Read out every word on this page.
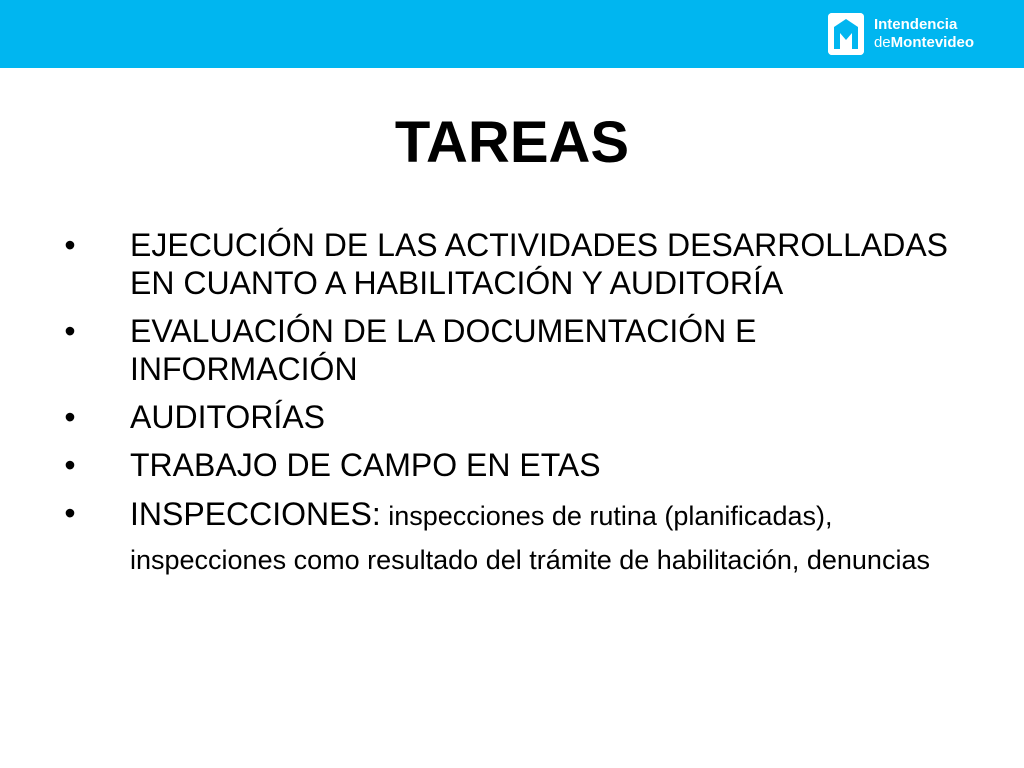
Intendencia
deMontevideo
TAREAS
• EJECUCIÓN DE LAS ACTIVIDADES DESARROLLADAS EN CUANTO A HABILITACIÓN Y AUDITORÍA
• EVALUACIÓN DE LA DOCUMENTACIÓN E INFORMACIÓN
• AUDITORÍAS
• TRABAJO DE CAMPO EN ETAS
• INSPECCIONES: inspecciones de rutina (planificadas), inspecciones como resultado del trámite de habilitación, denuncias
